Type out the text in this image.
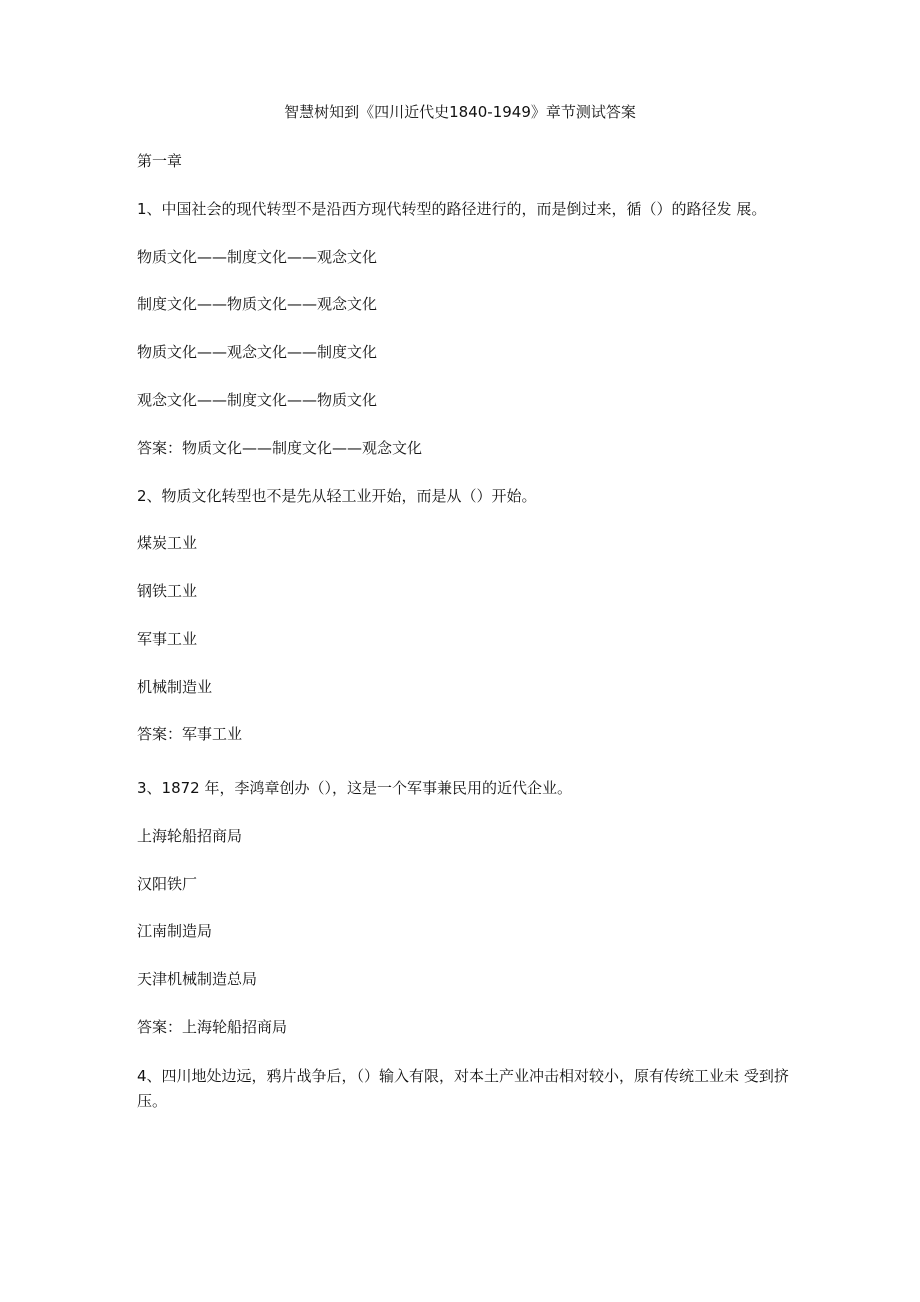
智慧树知到《四川近代史1840-1949》章节测试答案
第一章
1、中国社会的现代转型不是沿西方现代转型的路径进行的，而是倒过来，循（）的路径发 展。
物质文化——制度文化——观念文化
制度文化——物质文化——观念文化
物质文化——观念文化——制度文化
观念文化——制度文化——物质文化
答案：物质文化——制度文化——观念文化
2、物质文化转型也不是先从轻工业开始，而是从（）开始。
煤炭工业
钢铁工业
军事工业
机械制造业
答案：军事工业
3、1872 年，李鸿章创办（），这是一个军事兼民用的近代企业。
上海轮船招商局
汉阳铁厂
江南制造局
天津机械制造总局
答案：上海轮船招商局
4、四川地处边远，鸦片战争后，（）输入有限，对本土产业冲击相对较小，原有传统工业未 受到挤压。
